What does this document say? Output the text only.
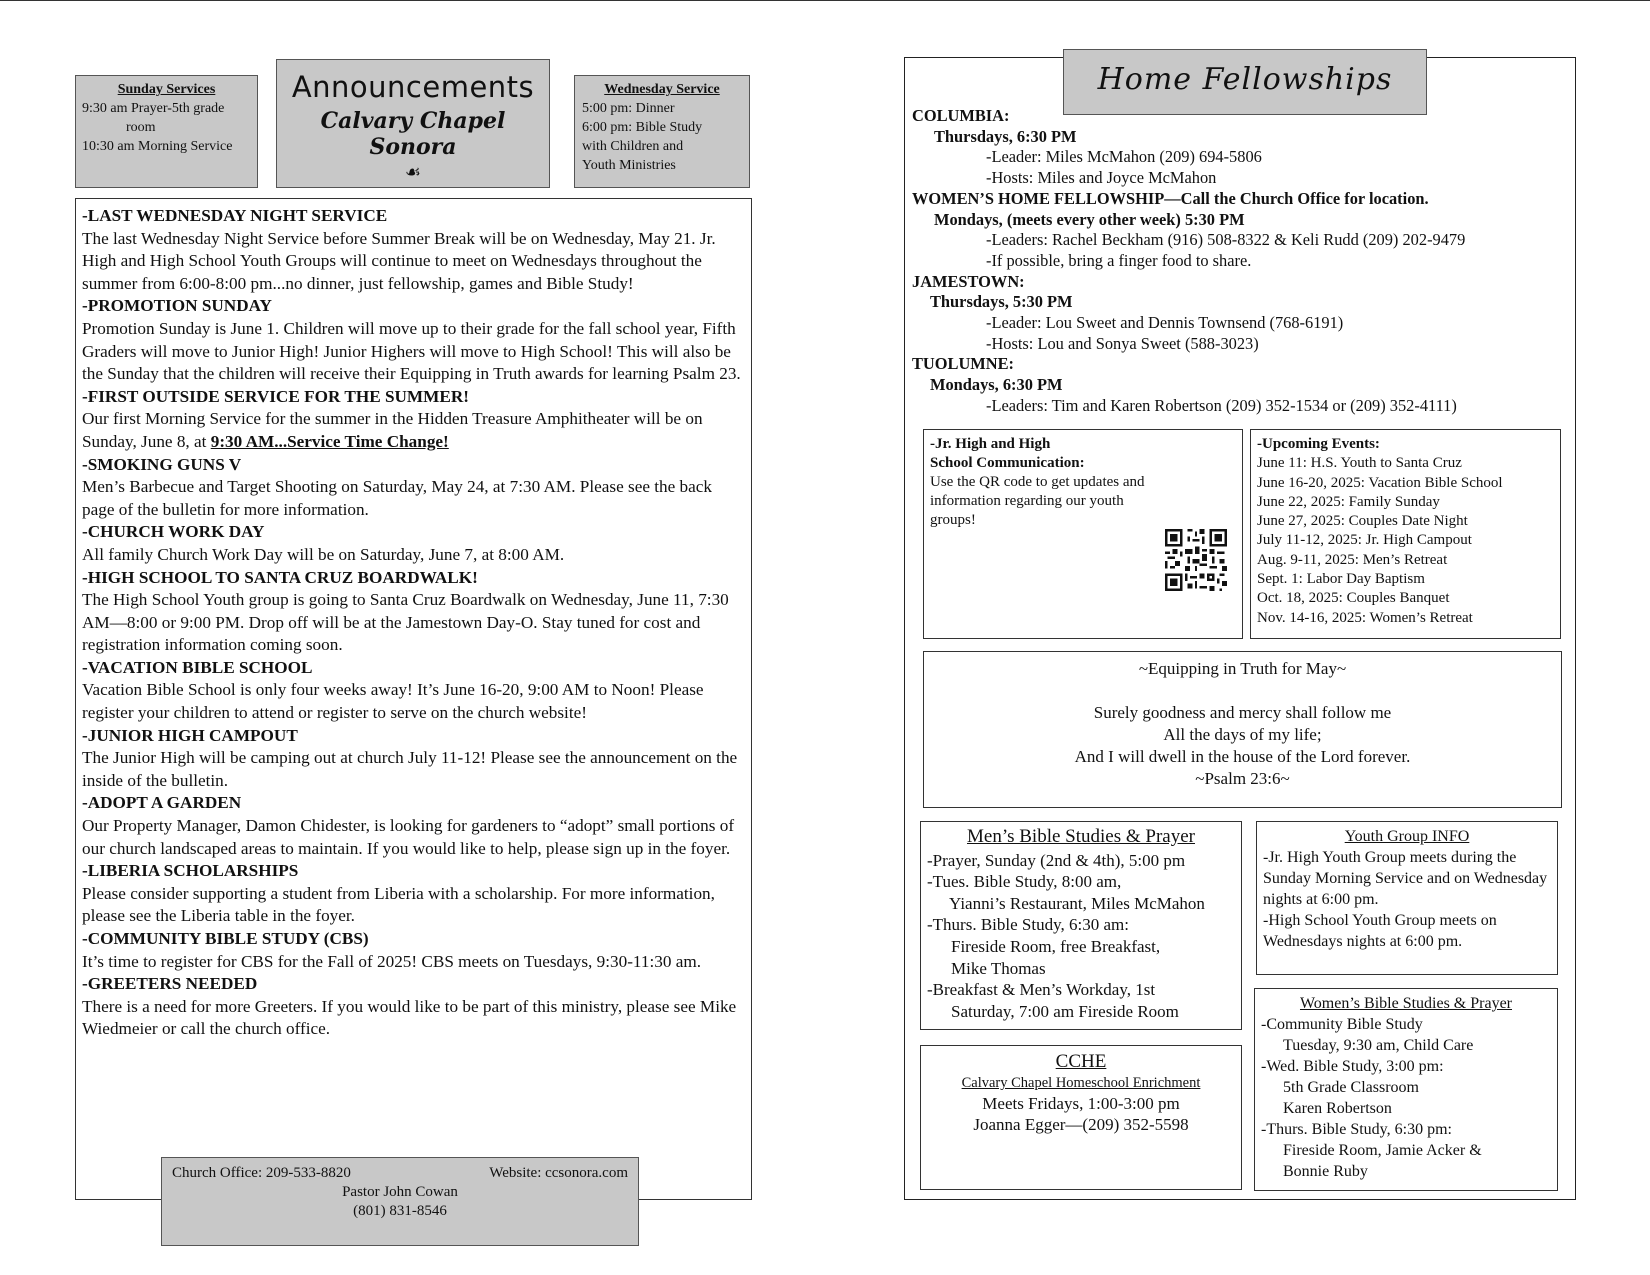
Sunday Services
9:30 am Prayer-5th grade
room
10:30 am Morning Service
Announcements
Calvary Chapel Sonora
☙
Wednesday Service
5:00 pm: Dinner
6:00 pm: Bible Study
with Children and
Youth Ministries
-LAST WEDNESDAY NIGHT SERVICE
The last Wednesday Night Service before Summer Break will be on Wednesday, May 21. Jr. High and High School Youth Groups will continue to meet on Wednesdays throughout the summer from 6:00-8:00 pm...no dinner, just fellowship, games and Bible Study!
-PROMOTION SUNDAY
Promotion Sunday is June 1. Children will move up to their grade for the fall school year, Fifth Graders will move to Junior High! Junior Highers will move to High School! This will also be the Sunday that the children will receive their Equipping in Truth awards for learning Psalm 23.
-FIRST OUTSIDE SERVICE FOR THE SUMMER!
Our first Morning Service for the summer in the Hidden Treasure Amphitheater will be on Sunday, June 8, at 9:30 AM...Service Time Change!
-SMOKING GUNS V
Men’s Barbecue and Target Shooting on Saturday, May 24, at 7:30 AM. Please see the back page of the bulletin for more information.
-CHURCH WORK DAY
All family Church Work Day will be on Saturday, June 7, at 8:00 AM.
-HIGH SCHOOL TO SANTA CRUZ BOARDWALK!
The High School Youth group is going to Santa Cruz Boardwalk on Wednesday, June 11, 7:30 AM—8:00 or 9:00 PM. Drop off will be at the Jamestown Day-O. Stay tuned for cost and registration information coming soon.
-VACATION BIBLE SCHOOL
Vacation Bible School is only four weeks away! It’s June 16-20, 9:00 AM to Noon! Please register your children to attend or register to serve on the church website!
-JUNIOR HIGH CAMPOUT
The Junior High will be camping out at church July 11-12! Please see the announcement on the inside of the bulletin.
-ADOPT A GARDEN
Our Property Manager, Damon Chidester, is looking for gardeners to “adopt” small portions of our church landscaped areas to maintain. If you would like to help, please sign up in the foyer.
-LIBERIA SCHOLARSHIPS
Please consider supporting a student from Liberia with a scholarship. For more information, please see the Liberia table in the foyer.
-COMMUNITY BIBLE STUDY (CBS)
It’s time to register for CBS for the Fall of 2025! CBS meets on Tuesdays, 9:30-11:30 am.
-GREETERS NEEDED
There is a need for more Greeters. If you would like to be part of this ministry, please see Mike Wiedmeier or call the church office.
Church Office: 209-533-8820	Website: ccsonora.com
Pastor John Cowan
(801) 831-8546
Home Fellowships
COLUMBIA:
Thursdays, 6:30 PM
-Leader: Miles McMahon (209) 694-5806
-Hosts: Miles and Joyce McMahon
WOMEN’S HOME FELLOWSHIP—Call the Church Office for location.
Mondays, (meets every other week) 5:30 PM
-Leaders: Rachel Beckham (916) 508-8322 & Keli Rudd (209) 202-9479
-If possible, bring a finger food to share.
JAMESTOWN:
Thursdays, 5:30 PM
-Leader: Lou Sweet and Dennis Townsend (768-6191)
-Hosts: Lou and Sonya Sweet (588-3023)
TUOLUMNE:
Mondays, 6:30 PM
-Leaders: Tim and Karen Robertson (209) 352-1534 or (209) 352-4111)
-Jr. High and High
School Communication:
Use the QR code to get updates and information regarding our youth groups!
-Upcoming Events:
June 11: H.S. Youth to Santa Cruz
June 16-20, 2025: Vacation Bible School
June 22, 2025: Family Sunday
June 27, 2025: Couples Date Night
July 11-12, 2025: Jr. High Campout
Aug. 9-11, 2025: Men’s Retreat
Sept. 1: Labor Day Baptism
Oct. 18, 2025: Couples Banquet
Nov. 14-16, 2025: Women’s Retreat
~Equipping in Truth for May~
Surely goodness and mercy shall follow me
All the days of my life;
And I will dwell in the house of the Lord forever.
~Psalm 23:6~
Men’s Bible Studies & Prayer
-Prayer, Sunday (2nd & 4th), 5:00 pm
-Tues. Bible Study, 8:00 am,
Yianni’s Restaurant, Miles McMahon
-Thurs. Bible Study, 6:30 am:
Fireside Room, free Breakfast,
Mike Thomas
-Breakfast & Men’s Workday, 1st
Saturday, 7:00 am Fireside Room
Youth Group INFO
-Jr. High Youth Group meets during the Sunday Morning Service and on Wednesday nights at 6:00 pm.
-High School Youth Group meets on Wednesdays nights at 6:00 pm.
CCHE
Calvary Chapel Homeschool Enrichment
Meets Fridays, 1:00-3:00 pm
Joanna Egger—(209) 352-5598
Women’s Bible Studies & Prayer
-Community Bible Study
Tuesday, 9:30 am, Child Care
-Wed. Bible Study, 3:00 pm:
5th Grade Classroom
Karen Robertson
-Thurs. Bible Study, 6:30 pm:
Fireside Room, Jamie Acker &
Bonnie Ruby
